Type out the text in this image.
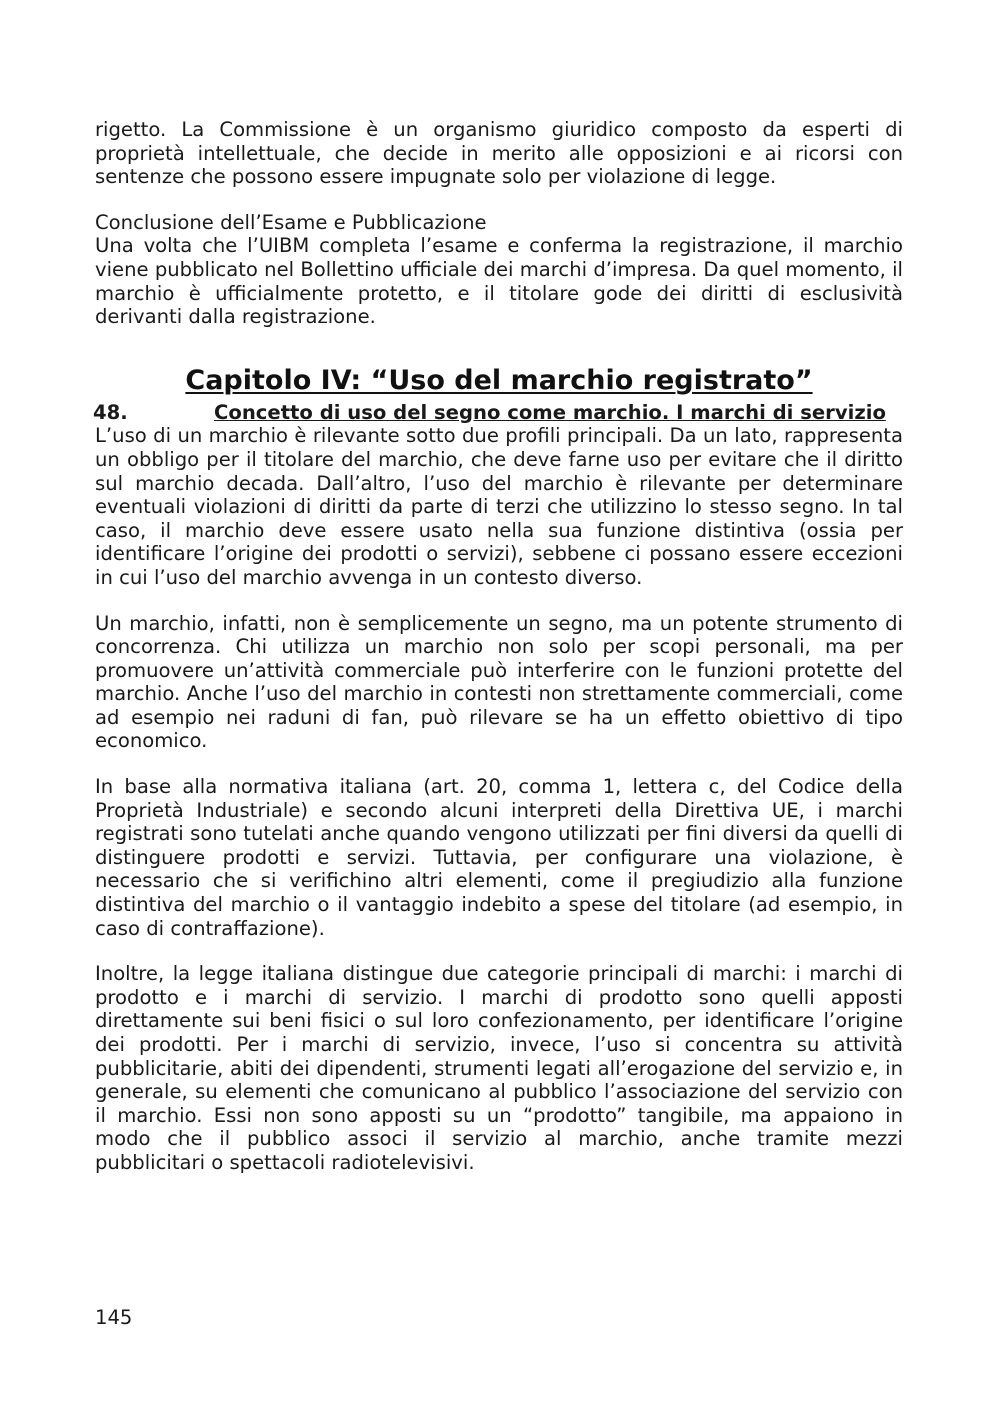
rigetto. La Commissione è un organismo giuridico composto da esperti di proprietà intellettuale, che decide in merito alle opposizioni e ai ricorsi con sentenze che possono essere impugnate solo per violazione di legge.

Conclusione dell’Esame e Pubblicazione

Una volta che l’UIBM completa l’esame e conferma la registrazione, il marchio viene pubblicato nel Bollettino ufficiale dei marchi d’impresa. Da quel momento, il marchio è ufficialmente protetto, e il titolare gode dei diritti di esclusività derivanti dalla registrazione.

Capitolo IV: “Uso del marchio registrato”
48.	Concetto di uso del segno come marchio. I marchi di servizio

L’uso di un marchio è rilevante sotto due profili principali. Da un lato, rappresenta un obbligo per il titolare del marchio, che deve farne uso per evitare che il diritto sul marchio decada. Dall’altro, l’uso del marchio è rilevante per determinare eventuali violazioni di diritti da parte di terzi che utilizzino lo stesso segno. In tal caso, il marchio deve essere usato nella sua funzione distintiva (ossia per identificare l’origine dei prodotti o servizi), sebbene ci possano essere eccezioni in cui l’uso del marchio avvenga in un contesto diverso.

Un marchio, infatti, non è semplicemente un segno, ma un potente strumento di concorrenza. Chi utilizza un marchio non solo per scopi personali, ma per promuovere un’attività commerciale può interferire con le funzioni protette del marchio. Anche l’uso del marchio in contesti non strettamente commerciali, come ad esempio nei raduni di fan, può rilevare se ha un effetto obiettivo di tipo economico.

In base alla normativa italiana (art. 20, comma 1, lettera c, del Codice della Proprietà Industriale) e secondo alcuni interpreti della Direttiva UE, i marchi registrati sono tutelati anche quando vengono utilizzati per fini diversi da quelli di distinguere prodotti e servizi. Tuttavia, per configurare una violazione, è necessario che si verifichino altri elementi, come il pregiudizio alla funzione distintiva del marchio o il vantaggio indebito a spese del titolare (ad esempio, in caso di contraffazione).

Inoltre, la legge italiana distingue due categorie principali di marchi: i marchi di prodotto e i marchi di servizio. I marchi di prodotto sono quelli apposti direttamente sui beni fisici o sul loro confezionamento, per identificare l’origine dei prodotti. Per i marchi di servizio, invece, l’uso si concentra su attività pubblicitarie, abiti dei dipendenti, strumenti legati all’erogazione del servizio e, in generale, su elementi che comunicano al pubblico l’associazione del servizio con il marchio. Essi non sono apposti su un “prodotto” tangibile, ma appaiono in modo che il pubblico associ il servizio al marchio, anche tramite mezzi pubblicitari o spettacoli radiotelevisivi.

145
